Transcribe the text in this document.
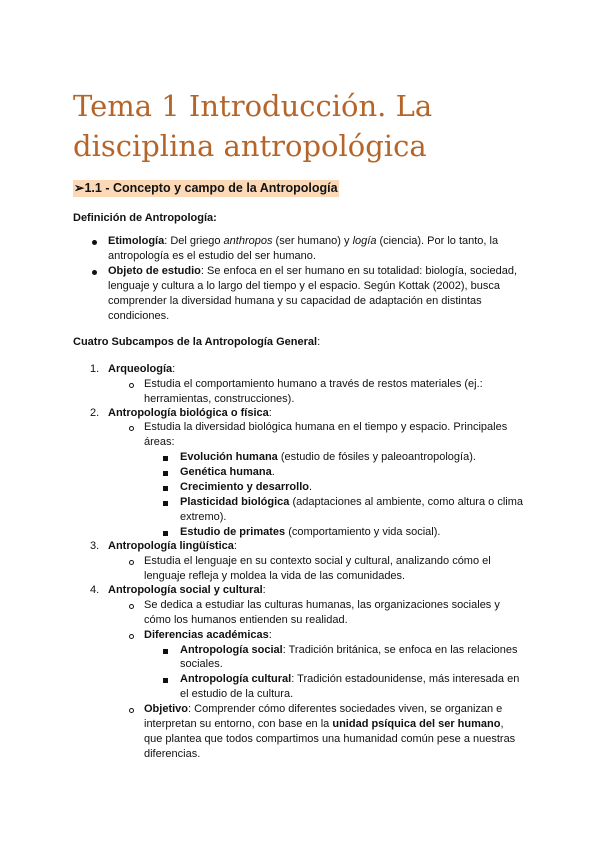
Tema 1 Introducción. La disciplina antropológica
➢1.1 - Concepto y campo de la Antropología

Definición de Antropología:

Etimología: Del griego anthropos (ser humano) y logía (ciencia). Por lo tanto, la

antropología es el estudio del ser humano.

Objeto de estudio: Se enfoca en el ser humano en su totalidad: biología, sociedad,

lenguaje y cultura a lo largo del tiempo y el espacio. Según Kottak (2002), busca

comprender la diversidad humana y su capacidad de adaptación en distintas

condiciones.

Cuatro Subcampos de la Antropología General:

1. Arqueología:

Estudia el comportamiento humano a través de restos materiales (ej.:

herramientas, construcciones).

2. Antropología biológica o física:

Estudia la diversidad biológica humana en el tiempo y espacio. Principales

áreas:

Evolución humana (estudio de fósiles y paleoantropología).

Genética humana.

Crecimiento y desarrollo.

Plasticidad biológica (adaptaciones al ambiente, como altura o clima

extremo).

Estudio de primates (comportamiento y vida social).

3. Antropología lingüística:

Estudia el lenguaje en su contexto social y cultural, analizando cómo el

lenguaje refleja y moldea la vida de las comunidades.

4. Antropología social y cultural:

Se dedica a estudiar las culturas humanas, las organizaciones sociales y

cómo los humanos entienden su realidad.

Diferencias académicas:

Antropología social: Tradición británica, se enfoca en las relaciones

sociales.

Antropología cultural: Tradición estadounidense, más interesada en

el estudio de la cultura.

Objetivo: Comprender cómo diferentes sociedades viven, se organizan e

interpretan su entorno, con base en la unidad psíquica del ser humano,

que plantea que todos compartimos una humanidad común pese a nuestras

diferencias.
